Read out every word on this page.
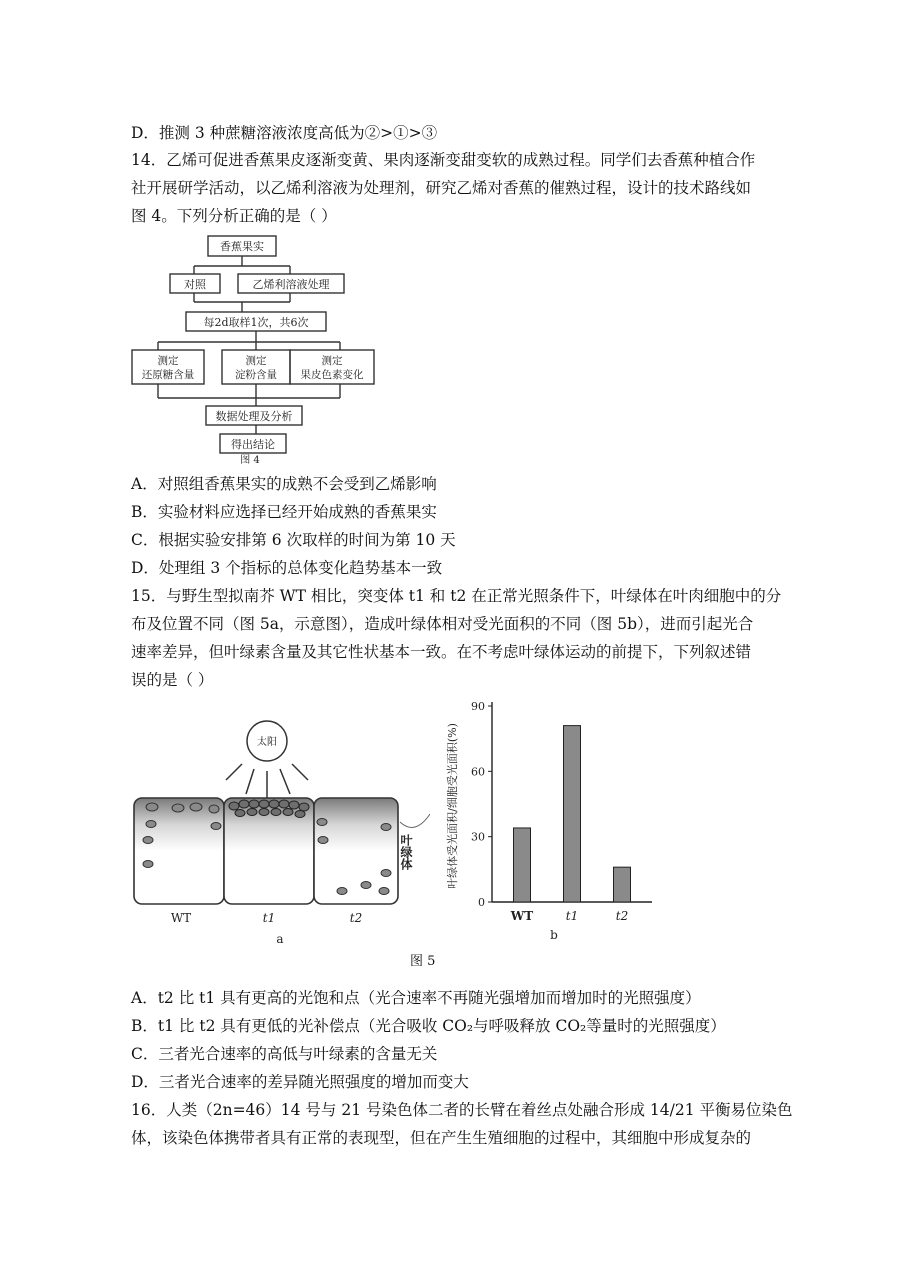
D．推测 3 种蔗糖溶液浓度高低为②>①>③
14．乙烯可促进香蕉果皮逐渐变黄、果肉逐渐变甜变软的成熟过程。同学们去香蕉种植合作
社开展研学活动，以乙烯利溶液为处理剂，研究乙烯对香蕉的催熟过程，设计的技术路线如
图 4。下列分析正确的是（ ）
香蕉果实
对照	乙烯利溶液处理
每2d取样1次，共6次
测定
还原糖含量
测定
淀粉含量
测定
果皮色素变化
数据处理及分析
得出结论
图 4
A．对照组香蕉果实的成熟不会受到乙烯影响
B．实验材料应选择已经开始成熟的香蕉果实
C．根据实验安排第 6 次取样的时间为第 10 天
D．处理组 3 个指标的总体变化趋势基本一致
15．与野生型拟南芥 WT 相比，突变体 t1 和 t2 在正常光照条件下，叶绿体在叶肉细胞中的分
布及位置不同（图 5a，示意图），造成叶绿体相对受光面积的不同（图 5b），进而引起光合
速率差异，但叶绿素含量及其它性状基本一致。在不考虑叶绿体运动的前提下，下列叙述错
误的是（ ）
太阳
叶绿体
WT	t1	t2
a
叶绿体受光面积/细胞受光面积(%)
b
0
30
60
90
WT	t1	t2
图 5
A．t2 比 t1 具有更高的光饱和点（光合速率不再随光强增加而增加时的光照强度）
B．t1 比 t2 具有更低的光补偿点（光合吸收 CO₂与呼吸释放 CO₂等量时的光照强度）
C．三者光合速率的高低与叶绿素的含量无关
D．三者光合速率的差异随光照强度的增加而变大
16．人类（2n=46）14 号与 21 号染色体二者的长臂在着丝点处融合形成 14/21 平衡易位染色
体，该染色体携带者具有正常的表现型，但在产生生殖细胞的过程中，其细胞中形成复杂的
